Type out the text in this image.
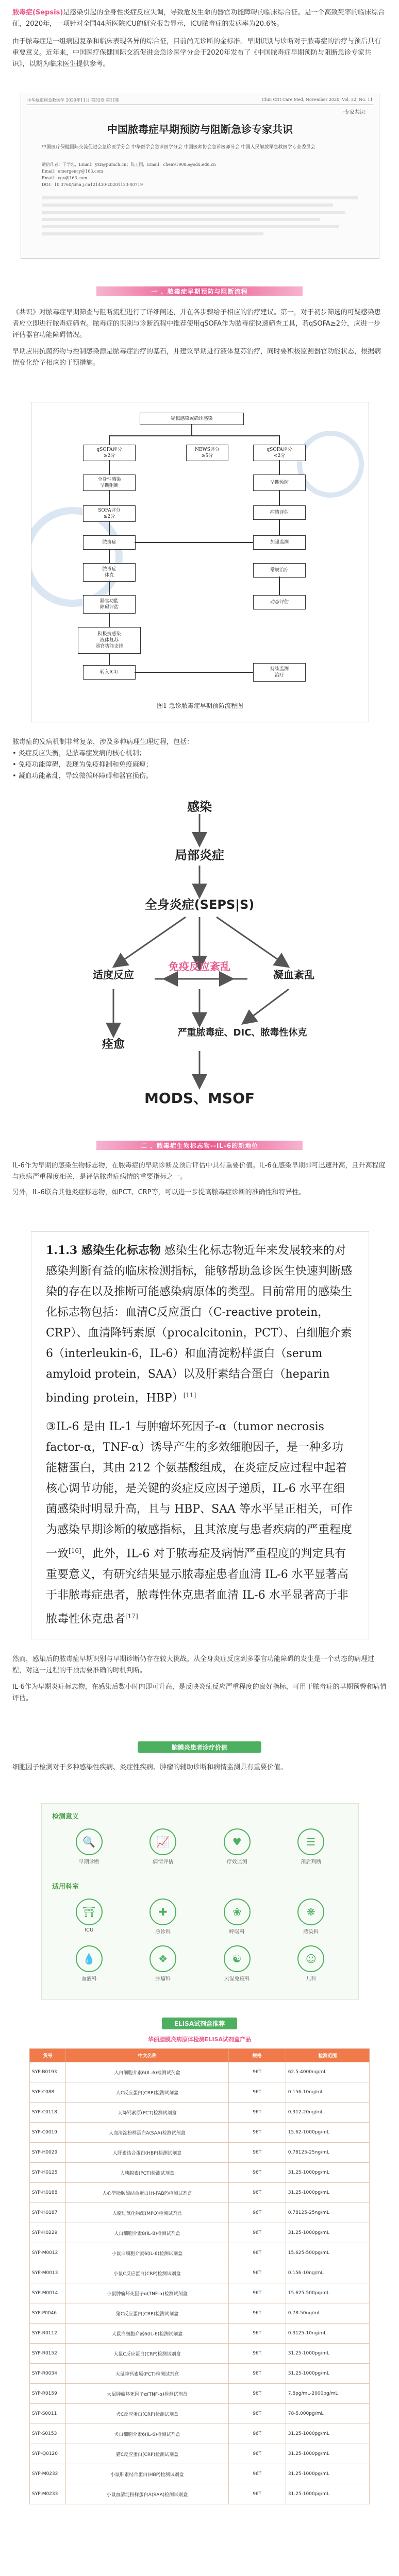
脓毒症(Sepsis)是感染引起的全身性炎症反应失调，导致危及生命的器官功能障碍的临床综合征。是一个高致死率的临床综合征，2020年，一项针对全国44所医院ICU的研究报告显示，ICU脓毒症的发病率为20.6%。

由于脓毒症是一组病因复杂和临床表现各异的综合征，目前尚无诊断的金标准。早期识别与诊断对于脓毒症的治疗与预后具有重要意义。近年来，中国医疗保健国际交流促进会急诊医学分会于2020年发布了《中国脓毒症早期预防与阻断急诊专家共识》，以期为临床医生提供参考。

中华危重病急救医学 2020年11月 第32卷 第11期	Chin Crit Care Med, November 2020, Vol. 32, No. 11
·专家共识·
中国脓毒症早期预防与阻断急诊专家共识
中国医疗保健国际交流促进会急诊医学分会 中华医学会急诊医学分会 中国医师协会急诊医师分会 中国人民解放军急救医学专业委员会
通信作者：于学忠，Email：yxz@pumch.cn；陈玉国，Email：chen919085@sdu.edu.cn
Email：emergency@163.com
Email：cgx@163.com
DOI：10.3760/cma.j.cn121430-20201123-00719
一 、脓毒症早期预防与阻断流程

《共识》对脓毒症早期筛查与阻断流程进行了详细阐述，并在各步骤给予相应的治疗建议。第一，对于初步筛选的可疑感染患者应立即进行脓毒症筛查。脓毒症的识别与诊断流程中推荐使用qSOFA作为脓毒症快速筛查工具，若qSOFA≥2分，应进一步评估器官功能障碍情况。

早期应用抗菌药物与控制感染源是脓毒症治疗的基石，并建议早期进行液体复苏治疗，同时要积极监测器官功能状态，根据病情变化给予相应的干预措施。

疑似感染或确诊感染
qSOFA评分
≥2分
NEWS评分
≥5分
qSOFA评分
<2分
全身性感染
早期阻断
早期预防
SOFA评分
≥2分
病情评估
脓毒症	加强监测
脓毒症
休克
常规治疗
器官功能
障碍评估
动态评估
积极抗感染
液体复苏
器官功能支持
转入ICU
持续监测
治疗
图1 急诊脓毒症早期预防流程图

脓毒症的发病机制非常复杂，涉及多种病理生理过程，包括：

• 炎症反应失衡，是脓毒症发病的核心机制；

• 免疫功能障碍，表现为免疫抑制和免疫麻痹；

• 凝血功能紊乱，导致微循环障碍和器官损伤。

感染
局部炎症
全身炎症(SEPS|S)
适度反应
免疫反应紊乱
凝血紊乱
痊愈
严重脓毒症、DIC、脓毒性休克
MODS、MSOF
二 、脓毒症生物标志物--IL-6的新地位

IL-6作为早期的感染生物标志物，在脓毒症的早期诊断及预后评估中具有重要价值。IL-6在感染早期即可迅速升高，且升高程度与疾病严重程度相关，是评估脓毒症病情的重要指标之一。

另外，IL-6联合其他炎症标志物，如PCT、CRP等，可以进一步提高脓毒症诊断的准确性和特异性。

1.1.3 感染生化标志物 感染生化标志物近年来发展较来的对感染判断有益的临床检测指标，能够帮助急诊医生快速判断感染的存在以及推断可能感染病原体的类型。目前常用的感染生化标志物包括：血清C反应蛋白（C-reactive protein，CRP）、血清降钙素原（procalcitonin，PCT）、白细胞介素6（interleukin-6，IL-6）和血清淀粉样蛋白（serum amyloid protein，SAA）以及肝素结合蛋白（heparin binding protein，HBP）[11]
③IL-6 是由 IL-1 与肿瘤坏死因子-α（tumor necrosis factor-α，TNF-α）诱导产生的多效细胞因子，是一种多功能糖蛋白，其由 212 个氨基酸组成，在炎症反应过程中起着核心调节功能，是关键的炎症反应因子递质，IL-6 水平在细菌感染时明显升高，且与 HBP、SAA 等水平呈正相关，可作为感染早期诊断的敏感指标，且其浓度与患者疾病的严重程度一致[16]，此外，IL-6 对于脓毒症及病情严重程度的判定具有重要意义，有研究结果显示脓毒症患者血清 IL-6 水平显著高于非脓毒症患者，脓毒性休克患者血清 IL-6 水平显著高于非脓毒性休克患者[17]

然而，感染后的脓毒症早期识别与早期诊断仍存在较大挑战。从全身炎症反应到多器官功能障碍的发生是一个动态的病理过程，对这一过程的干预需要准确的时机判断。

IL-6作为早期炎症标志物，在感染后数小时内即可升高，是反映炎症反应严重程度的良好指标，可用于脓毒症的早期预警和病情评估。

脑膜炎患者诊疗价值

细胞因子检测对于多种感染性疾病、炎症性疾病、肿瘤的辅助诊断和病情监测具有重要价值。

检测意义
🔍
早期诊断
📈
病情评估
♥
疗效监测
☰
预后判断
适用科室
⛩
ICU
✚
急诊科
❀
呼吸科
❋
感染科
💧
血液科
❖
肿瘤科
☯
风湿免疫科
☺
儿科
ELISA试剂盒推荐
华丽脑膜炎病原体检测ELISA试剂盒产品
货号	中文名称	规格	检测范围
SYP-B0193	人白细胞介素6(IL-6)检测试剂盒	96T	62.5-4000ng/mL
SYP-C088	人C反应蛋白(CRP)检测试剂盒	96T	0.156-10ng/mL
SYP-C0118	人降钙素原(PCT)检测试剂盒	96T	0.312-20ng/mL
SYP-C0019	人血清淀粉样蛋白A(SAA)检测试剂盒	96T	15.62-1000pg/mL
SYP-H0029	人肝素结合蛋白(HBP)检测试剂盒	96T	0.78125-25ng/mL
SYP-H0125	人胰腺素(PCT)检测试剂盒	96T	31.25-1000pg/mL
SYP-H0188	人心型脂肪酸结合蛋白(H-FABP)检测试剂盒	96T	31.25-1000pg/mL
SYP-H0187	人髓过氧化物酶(MPO)检测试剂盒	96T	0.78125-25ng/mL
SYP-H0229	人白细胞介素8(IL-8)检测试剂盒	96T	31.25-1000pg/mL
SYP-M0012	小鼠白细胞介素6(IL-6)检测试剂盒	96T	15.625-500pg/mL
SYP-M0013	小鼠C反应蛋白(CRP)检测试剂盒	96T	0.156-10ng/mL
SYP-M0014	小鼠肿瘤坏死因子α(TNF-α)检测试剂盒	96T	15.625-500pg/mL
SYP-P0046	猪C反应蛋白(CRP)检测试剂盒	96T	0.78-50ng/mL
SYP-R0112	大鼠白细胞介素6(IL-6)检测试剂盒	96T	0.3125-10ng/mL
SYP-R0152	大鼠C反应蛋白(CRP)检测试剂盒	96T	31.25-1000pg/mL
SYP-R0034	大鼠降钙素原(PCT)检测试剂盒	96T	31.25-1000pg/mL
SYP-R0159	大鼠肿瘤坏死因子α(TNF-α)检测试剂盒	96T	7.8pg/mL-2000pg/mL
SYP-S0011	犬C反应蛋白(CRP)检测试剂盒	96T	78-5,000pg/mL
SYP-S0153	犬白细胞介素6(IL-6)检测试剂盒	96T	31.25-1000pg/mL
SYP-Q0120	猫C反应蛋白(CRP)检测试剂盒	96T	31.25-1000pg/mL
SYP-M0232	小鼠肝素结合蛋白(HBP)检测试剂盒	96T	31.25-1000pg/mL
SYP-M0233	小鼠血清淀粉样蛋白A(SAA)检测试剂盒	96T	31.25-1000pg/mL
